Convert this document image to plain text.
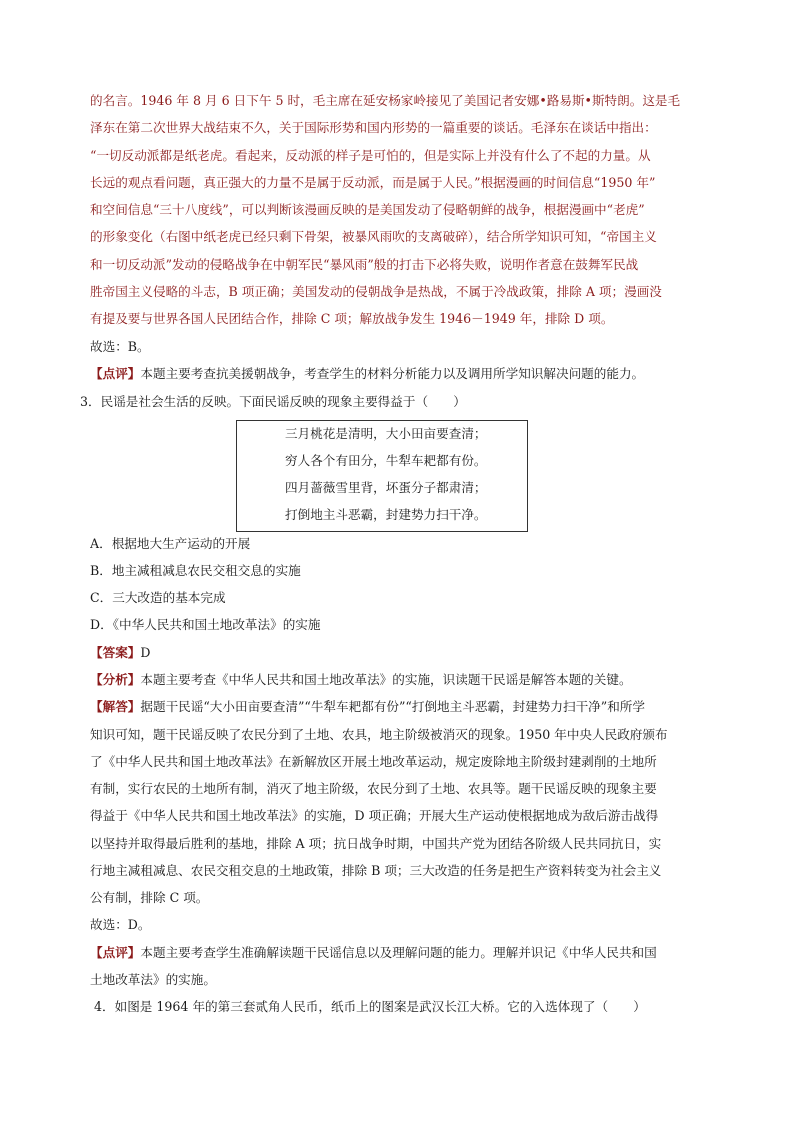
的名言。1946 年 8 月 6 日下午 5 时，毛主席在延安杨家岭接见了美国记者安娜•路易斯•斯特朗。这是毛
泽东在第二次世界大战结束不久，关于国际形势和国内形势的一篇重要的谈话。毛泽东在谈话中指出：
“一切反动派都是纸老虎。看起来，反动派的样子是可怕的，但是实际上并没有什么了不起的力量。从
长远的观点看问题，真正强大的力量不是属于反动派，而是属于人民。”根据漫画的时间信息“1950 年”
和空间信息“三十八度线”，可以判断该漫画反映的是美国发动了侵略朝鲜的战争，根据漫画中“老虎”
的形象变化（右图中纸老虎已经只剩下骨架，被暴风雨吹的支离破碎），结合所学知识可知，“帝国主义
和一切反动派”发动的侵略战争在中朝军民“暴风雨”般的打击下必将失败，说明作者意在鼓舞军民战
胜帝国主义侵略的斗志，B 项正确；美国发动的侵朝战争是热战，不属于冷战政策，排除 A 项；漫画没
有提及要与世界各国人民团结合作，排除 C 项；解放战争发生 1946－1949 年，排除 D 项。
故选：B。
【点评】本题主要考查抗美援朝战争，考查学生的材料分析能力以及调用所学知识解决问题的能力。
3．民谣是社会生活的反映。下面民谣反映的现象主要得益于（　　）
三月桃花是清明，大小田亩要查清；
穷人各个有田分，牛犁车耙都有份。
四月蔷薇雪里背，坏蛋分子都肃清；
打倒地主斗恶霸，封建势力扫干净。
A．根据地大生产运动的开展
B．地主减租减息农民交租交息的实施
C．三大改造的基本完成
D．《中华人民共和国土地改革法》的实施
【答案】D
【分析】本题主要考查《中华人民共和国土地改革法》的实施，识读题干民谣是解答本题的关键。
【解答】据题干民谣“大小田亩要查清”“牛犁车耙都有份”“打倒地主斗恶霸，封建势力扫干净”和所学
知识可知，题干民谣反映了农民分到了土地、农具，地主阶级被消灭的现象。1950 年中央人民政府颁布
了《中华人民共和国土地改革法》在新解放区开展土地改革运动，规定废除地主阶级封建剥削的土地所
有制，实行农民的土地所有制，消灭了地主阶级，农民分到了土地、农具等。题干民谣反映的现象主要
得益于《中华人民共和国土地改革法》的实施，D 项正确；开展大生产运动使根据地成为敌后游击战得
以坚持并取得最后胜利的基地，排除 A 项；抗日战争时期，中国共产党为团结各阶级人民共同抗日，实
行地主减租减息、农民交租交息的土地政策，排除 B 项；三大改造的任务是把生产资料转变为社会主义
公有制，排除 C 项。
故选：D。
【点评】本题主要考查学生准确解读题干民谣信息以及理解问题的能力。理解并识记《中华人民共和国
土地改革法》的实施。
4．如图是 1964 年的第三套贰角人民币，纸币上的图案是武汉长江大桥。它的入选体现了（　　）
